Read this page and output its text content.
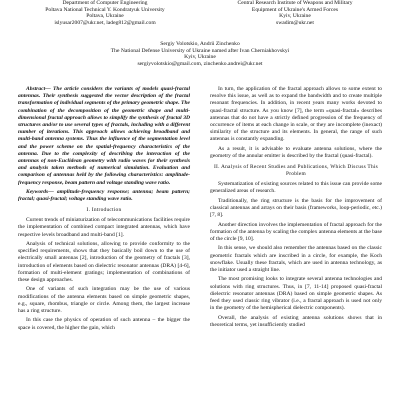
Department of Computer Engineering
Poltava National Technical Y. Kondratyuk University
Poltava, Ukraine
islyusar2007@ukr.net, ladeg812@gmail.com
Central Research Institute of Weapons and Military
Equipment of Ukraine's Armed Forces
Kyiv, Ukraine
swadim@ukr.net
Sergiy Volotskio, Andrii Zinchenko
The National Defense University of Ukraine named after Ivan Cherniakhovskyi
Kyiv, Ukraine
sergiyvolotskio@gmail.com, zinchenko.andrei@ukr.net

Abstract— The article considers the variants of models quasi-fractal antennas. Their synthesis suggested the vector description of the fractal transformation of individual segments of the primary geometric shape. The combination of the decomposition of the geometric shape and multi-dimensional fractal approach allows to simplify the synthesis of fractal 3D structures and/or to use several types of fractals, including with a different number of iterations. This approach allows achieving broadband and multi-band antenna systems. Thus the influence of the segmentation level and the power scheme on the spatial-frequency characteristics of the antenna. Due to the complexity of describing the interaction of the antennas of non-Euclidean geometry with radio waves for their synthesis and analysis taken methods of numerical simulation. Evaluation and comparison of antennas held by the following characteristics: amplitude-frequency response, beam pattern and voltage standing wave ratio.

Keywords— amplitude-frequency response; antenna; beam pattern; fractal; quasi-fractal; voltage standing wave ratio.

I. Introduction

Current trends of miniaturization of telecommunications facilities require the implementation of combined compact integrated antennas, which have respective levels broadband and multi-band [1].

Analysis of technical solutions, allowing to provide conformity to the specified requirements, shows that they basically boil down to the use of electrically small antennas [2], introduction of the geometry of fractals [3], introduction of elements based on dielectric resonator antennas (DRA) [4-6], formation of multi-element gratings; implementation of combinations of these design approaches.

One of variants of such integration may be the use of various modifications of the antenna elements based on simple geometric shapes, e.g., square, rhombus, triangle or circle. Among them, the largest increase has a ring structure.

In this case the physics of operation of such antenna – the bigger the space is covered, the higher the gain, which

In turn, the application of the fractal approach allows to some extent to resolve this issue, as well as to expand the bandwidth and to create multiple resonant frequencies. In addition, in recent years many works devoted to quasi-fractal structure. As you know [7], the term «quasi-fractal» describes antennas that do not have a strictly defined progression of the frequency of occurrence of items at each change in scale, or they are incomplete (inexact) similarity of the structure and its elements. In general, the range of such antennas is constantly expanding.

As a result, it is advisable to evaluate antenna solutions, where the geometry of the annular emitter is described by the fractal (quasi-fractal).

II. Analysis of Recent Studies and Publications, Which Discuss This Problem

Systematization of existing sources related to this issue can provide some generalized areas of research.

Traditionally, the ring structure is the basis for the improvement of classical antennas and arrays on their basis (frameworks, loop-periodic, etc.) [7, 8].

Another direction involves the implementation of fractal approach for the formation of the antenna by scaling the complex antenna elements at the base of the circle [9, 10].

In this sense, we should also remember the antennas based on the classic geometric fractals which are inscribed in a circle, for example, the Koch snowflake. Usually these fractals, which are used in antenna technology, as the initiator used a straight line.

The most promising looks to integrate several antenna technologies and solutions with ring structures. Thus, in [7, 11-14] proposed quasi-fractal dielectric resonator antennas (DRA) based on simple geometric shapes. As feed they used classic ring vibrator (i.e., a fractal approach is used not only in the geometry of the hemispherical dielectric components).

Overall, the analysis of existing antenna solutions shows that in theoretical terms, yet insufficiently studied
